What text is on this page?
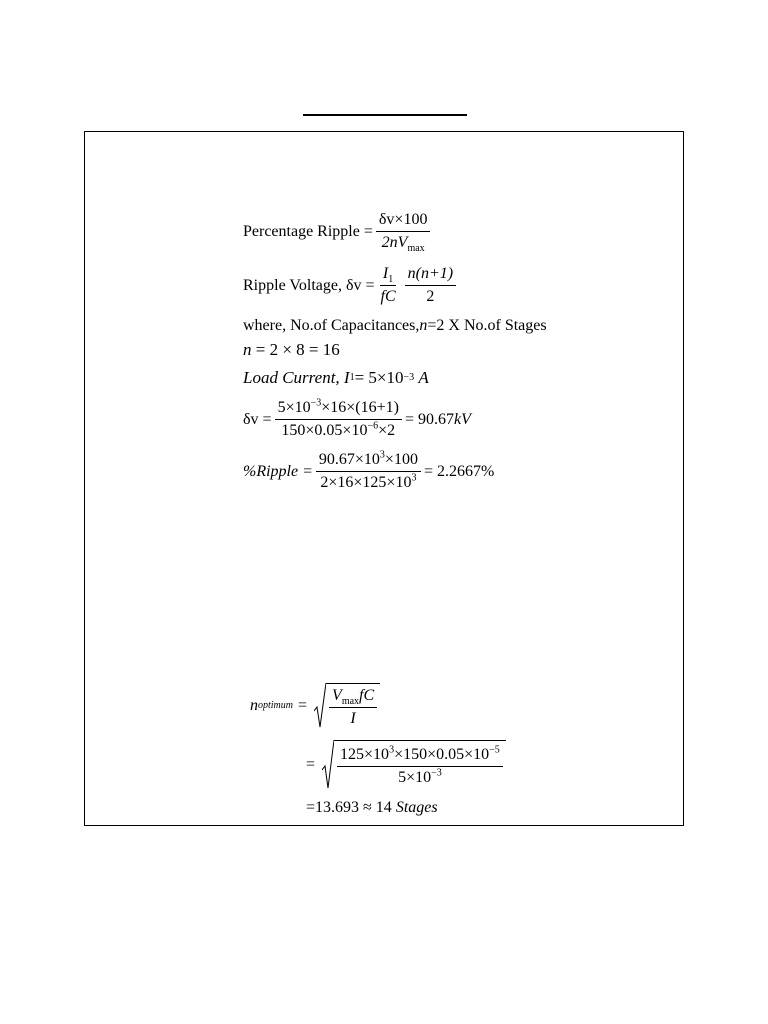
Percentage Ripple = $\frac{\delta v\times 100}{2nV_{max}}$
Ripple Voltage, $\delta v = \frac{I_1}{fC} \frac{n(n+1)}{2}$
where, No.of Capacitances, n =2 X No.of Stages
n
= 2 × 8 = 16
Load Current, I 1 = 5×10 −3
A
$\delta v = \frac{5\times 10^{-3}\times 16\times(16+1)}{150\times 0.05\times 10^{-6}\times 2} = 90.67$ kV
%Ripple = $\frac{90.67\times 10^3\times 100}{2\times 16\times 125\times 10^3} = 2.2667\%$
n optimum = $\frac{V_{max}fC}{I}$
= $\frac{125\times 10^3\times 150\times 0.05\times 10^{-5}}{5\times 10^{-3}}$
=13.693 ≈ 14
Stages
